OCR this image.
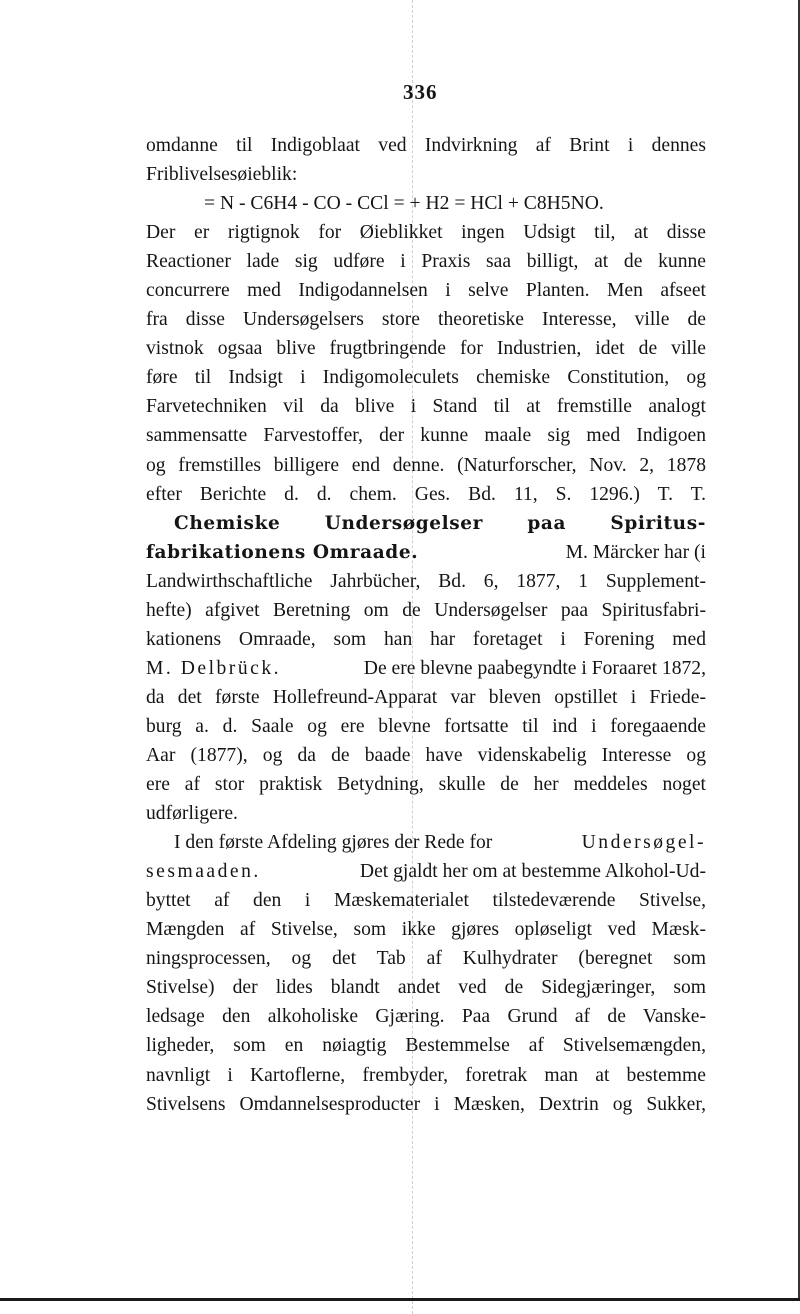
336
omdanne til Indigoblaat ved Indvirkning af Brint i dennes
Friblivelsesøieblik:
= N - C6H4 - CO - CCl = + H2 = HCl + C8H5NO.
Der er rigtignok for Øieblikket ingen Udsigt til, at disse
Reactioner lade sig udføre i Praxis saa billigt, at de kunne
concurrere med Indigodannelsen i selve Planten. Men afseet
fra disse Undersøgelsers store theoretiske Interesse, ville de
vistnok ogsaa blive frugtbringende for Industrien, idet de ville
føre til Indsigt i Indigomoleculets chemiske Constitution, og
Farvetechniken vil da blive i Stand til at fremstille analogt
sammensatte Farvestoffer, der kunne maale sig med Indigoen
og fremstilles billigere end denne. (Naturforscher, Nov. 2, 1878
efter Berichte d. d. chem. Ges. Bd. 11, S. 1296.) T. T.
Chemiske Undersøgelser paa Spiritus-
fabrikationens Omraade.	M. Märcker har (i
Landwirthschaftliche Jahrbücher, Bd. 6, 1877, 1 Supplement-
hefte) afgivet Beretning om de Undersøgelser paa Spiritusfabri-
kationens Omraade, som han har foretaget i Forening med
M. Delbrück.	De ere blevne paabegyndte i Foraaret 1872,
da det første Hollefreund-Apparat var bleven opstillet i Friede-
burg a. d. Saale og ere blevne fortsatte til ind i foregaaende
Aar (1877), og da de baade have videnskabelig Interesse og
ere af stor praktisk Betydning, skulle de her meddeles noget
udførligere.
I den første Afdeling gjøres der Rede for	Undersøgel-
sesmaaden.	Det gjaldt her om at bestemme Alkohol-Ud-
byttet af den i Mæskematerialet tilstedeværende Stivelse,
Mængden af Stivelse, som ikke gjøres opløseligt ved Mæsk-
ningsprocessen, og det Tab af Kulhydrater (beregnet som
Stivelse) der lides blandt andet ved de Sidegjæringer, som
ledsage den alkoholiske Gjæring. Paa Grund af de Vanske-
ligheder, som en nøiagtig Bestemmelse af Stivelsemængden,
navnligt i Kartoflerne, frembyder, foretrak man at bestemme
Stivelsens Omdannelsesproducter i Mæsken, Dextrin og Sukker,
